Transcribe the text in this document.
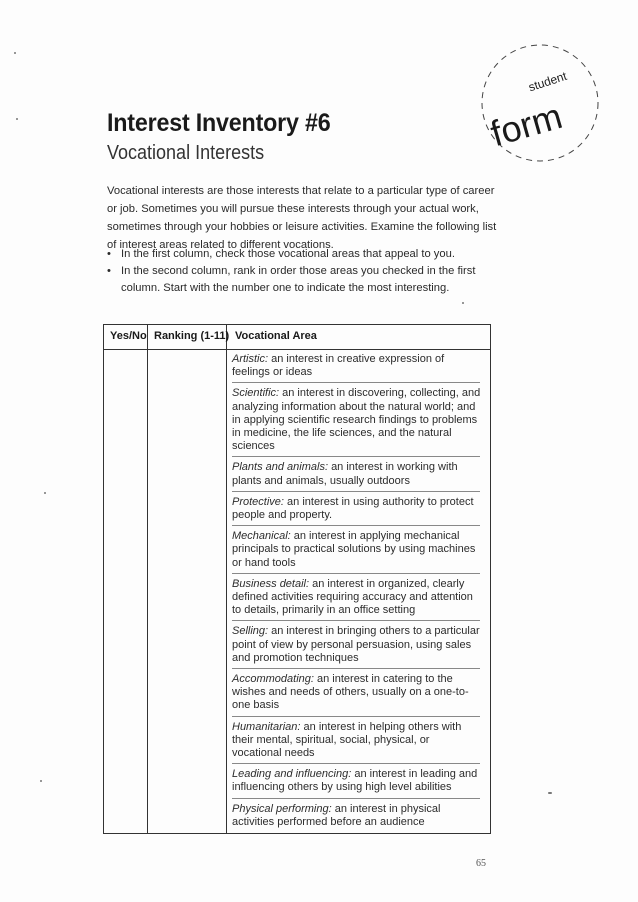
student
form
Interest Inventory #6
Vocational Interests

Vocational interests are those interests that relate to a particular type of career or job. Sometimes you will pursue these interests through your actual work, sometimes through your hobbies or leisure activities. Examine the following list of interest areas related to different vocations.

• In the first column, check those vocational areas that appeal to you.
• In the second column, rank in order those areas you checked in the first column. Start with the number one to indicate the most interesting.
Yes/No Ranking (1-11) Vocational Area
Artistic: an interest in creative expression of feelings or ideas
Scientific: an interest in discovering, collecting, and analyzing information about the natural world; and in applying scientific research findings to problems in medicine, the life sciences, and the natural sciences
Plants and animals: an interest in working with plants and animals, usually outdoors
Protective: an interest in using authority to protect people and property.
Mechanical: an interest in applying mechanical principals to practical solutions by using machines or hand tools
Business detail: an interest in organized, clearly defined activities requiring accuracy and attention to details, primarily in an office setting
Selling: an interest in bringing others to a particular point of view by personal persuasion, using sales and promotion techniques
Accommodating: an interest in catering to the wishes and needs of others, usually on a one-to-one basis
Humanitarian: an interest in helping others with their mental, spiritual, social, physical, or vocational needs
Leading and influencing: an interest in leading and influencing others by using high level abilities
Physical performing: an interest in physical activities performed before an audience
65
